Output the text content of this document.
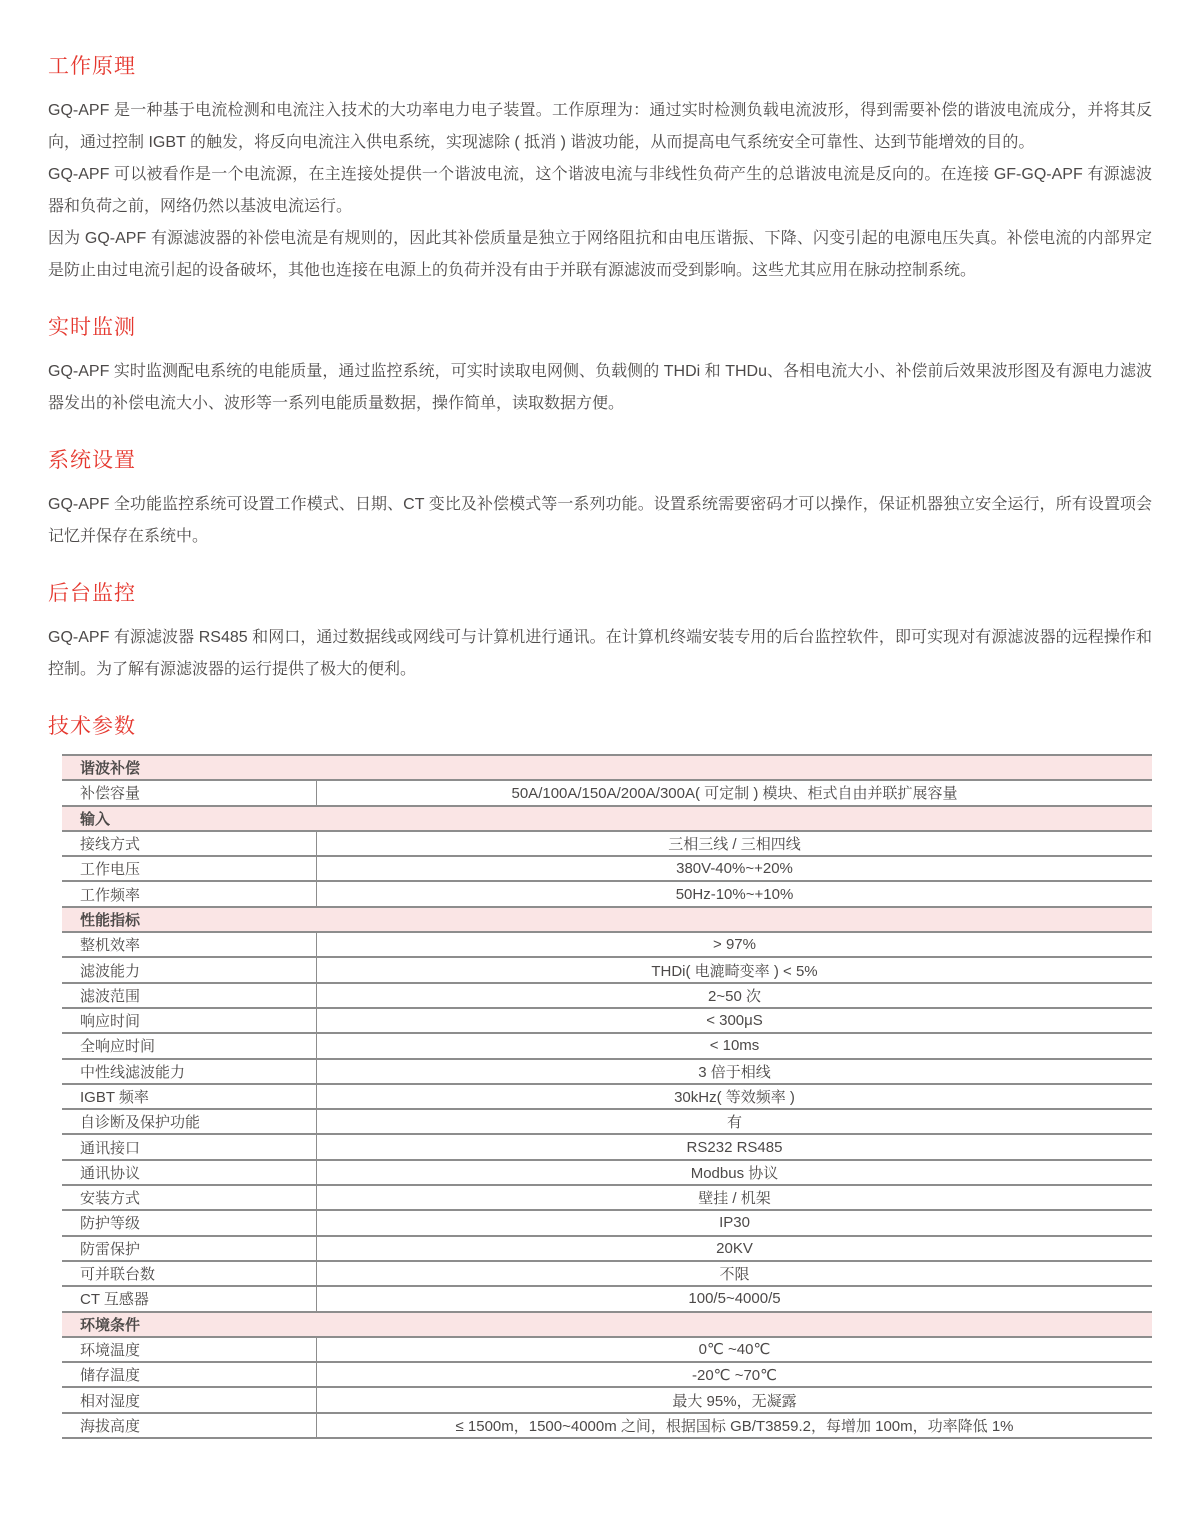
工作原理

GQ-APF 是一种基于电流检测和电流注入技术的大功率电力电子装置。工作原理为：通过实时检测负载电流波形，得到需要补偿的谐波电流成分，并将其反向，通过控制 IGBT 的触发，将反向电流注入供电系统，实现滤除 ( 抵消 ) 谐波功能，从而提高电气系统安全可靠性、达到节能增效的目的。

GQ-APF 可以被看作是一个电流源，在主连接处提供一个谐波电流，这个谐波电流与非线性负荷产生的总谐波电流是反向的。在连接 GF-GQ-APF 有源滤波器和负荷之前，网络仍然以基波电流运行。

因为 GQ-APF 有源滤波器的补偿电流是有规则的，因此其补偿质量是独立于网络阻抗和由电压谐振、下降、闪变引起的电源电压失真。补偿电流的内部界定是防止由过电流引起的设备破坏，其他也连接在电源上的负荷并没有由于并联有源滤波而受到影响。这些尤其应用在脉动控制系统。

实时监测

GQ-APF 实时监测配电系统的电能质量，通过监控系统，可实时读取电网侧、负载侧的 THDi 和 THDu、各相电流大小、补偿前后效果波形图及有源电力滤波器发出的补偿电流大小、波形等一系列电能质量数据，操作简单，读取数据方便。

系统设置

GQ-APF 全功能监控系统可设置工作模式、日期、CT 变比及补偿模式等一系列功能。设置系统需要密码才可以操作，保证机器独立安全运行，所有设置项会记忆并保存在系统中。

后台监控

GQ-APF 有源滤波器 RS485 和网口，通过数据线或网线可与计算机进行通讯。在计算机终端安装专用的后台监控软件，即可实现对有源滤波器的远程操作和控制。为了解有源滤波器的运行提供了极大的便利。

技术参数
谐波补偿
补偿容量	50A/100A/150A/200A/300A( 可定制 ) 模块、柜式自由并联扩展容量
输入
接线方式	三相三线 / 三相四线
工作电压	380V-40%~+20%
工作频率	50Hz-10%~+10%
性能指标
整机效率	> 97%
滤波能力	THDi( 电漉畸变率 ) < 5%
滤波范围	2~50 次
响应时间	< 300μS
全响应时间	< 10ms
中性线滤波能力	3 倍于相线
IGBT 频率	30kHz( 等效频率 )
自诊断及保护功能	有
通讯接口	RS232 RS485
通讯协议	Modbus 协议
安装方式	壁挂 / 机架
防护等级	IP30
防雷保护	20KV
可并联台数	不限
CT 互感器	100/5~4000/5
环境条件
环境温度	0℃ ~40℃
储存温度	-20℃ ~70℃
相对湿度	最大 95%，无凝露
海拔高度	≤ 1500m，1500~4000m 之间，根据国标 GB/T3859.2，每增加 100m，功率降低 1%
